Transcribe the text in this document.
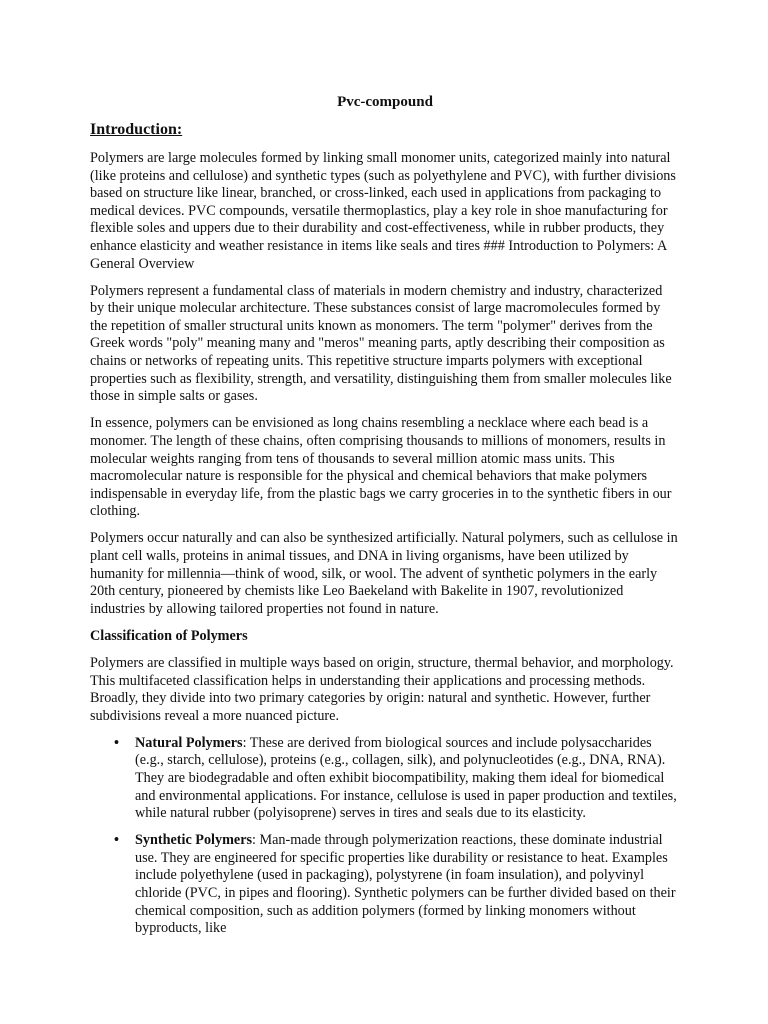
Pvc-compound
Introduction:

Polymers are large molecules formed by linking small monomer units, categorized mainly into natural (like proteins and cellulose) and synthetic types (such as polyethylene and PVC), with further divisions based on structure like linear, branched, or cross-linked, each used in applications from packaging to medical devices. PVC compounds, versatile thermoplastics, play a key role in shoe manufacturing for flexible soles and uppers due to their durability and cost-effectiveness, while in rubber products, they enhance elasticity and weather resistance in items like seals and tires ### Introduction to Polymers: A General Overview

Polymers represent a fundamental class of materials in modern chemistry and industry, characterized by their unique molecular architecture. These substances consist of large macromolecules formed by the repetition of smaller structural units known as monomers. The term "polymer" derives from the Greek words "poly" meaning many and "meros" meaning parts, aptly describing their composition as chains or networks of repeating units. This repetitive structure imparts polymers with exceptional properties such as flexibility, strength, and versatility, distinguishing them from smaller molecules like those in simple salts or gases.

In essence, polymers can be envisioned as long chains resembling a necklace where each bead is a monomer. The length of these chains, often comprising thousands to millions of monomers, results in molecular weights ranging from tens of thousands to several million atomic mass units. This macromolecular nature is responsible for the physical and chemical behaviors that make polymers indispensable in everyday life, from the plastic bags we carry groceries in to the synthetic fibers in our clothing.

Polymers occur naturally and can also be synthesized artificially. Natural polymers, such as cellulose in plant cell walls, proteins in animal tissues, and DNA in living organisms, have been utilized by humanity for millennia—think of wood, silk, or wool. The advent of synthetic polymers in the early 20th century, pioneered by chemists like Leo Baekeland with Bakelite in 1907, revolutionized industries by allowing tailored properties not found in nature.

Classification of Polymers

Polymers are classified in multiple ways based on origin, structure, thermal behavior, and morphology. This multifaceted classification helps in understanding their applications and processing methods. Broadly, they divide into two primary categories by origin: natural and synthetic. However, further subdivisions reveal a more nuanced picture.

• Natural Polymers: These are derived from biological sources and include polysaccharides (e.g., starch, cellulose), proteins (e.g., collagen, silk), and polynucleotides (e.g., DNA, RNA). They are biodegradable and often exhibit biocompatibility, making them ideal for biomedical and environmental applications. For instance, cellulose is used in paper production and textiles, while natural rubber (polyisoprene) serves in tires and seals due to its elasticity.
• Synthetic Polymers: Man-made through polymerization reactions, these dominate industrial use. They are engineered for specific properties like durability or resistance to heat. Examples include polyethylene (used in packaging), polystyrene (in foam insulation), and polyvinyl chloride (PVC, in pipes and flooring). Synthetic polymers can be further divided based on their chemical composition, such as addition polymers (formed by linking monomers without byproducts, like
